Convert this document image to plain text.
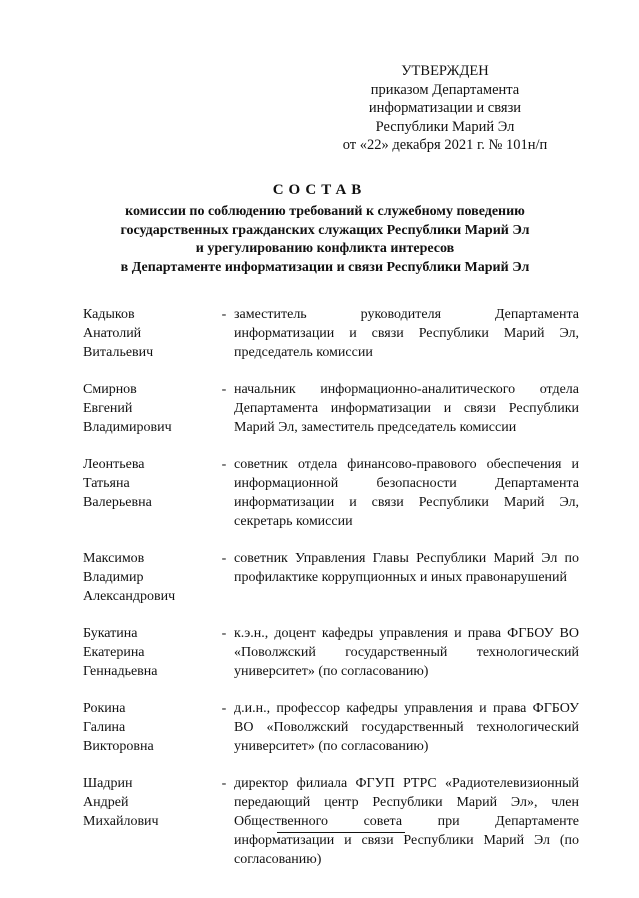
УТВЕРЖДЕН
приказом Департамента
информатизации и связи
Республики Марий Эл
от «22» декабря 2021 г. № 101н/п
СОСТАВ
комиссии по соблюдению требований к служебному поведению
государственных гражданских служащих Республики Марий Эл
и урегулированию конфликта интересов
в Департаменте информатизации и связи Республики Марий Эл
Кадыков
Анатолий
Витальевич
- заместитель руководителя Департамента информатизации и связи Республики Марий Эл, председатель комиссии
Смирнов
Евгений
Владимирович
- начальник информационно-аналитического отдела Департамента информатизации и связи Республики Марий Эл, заместитель председатель комиссии
Леонтьева
Татьяна
Валерьевна
- советник отдела финансово-правового обеспечения и информационной безопасности Департамента информатизации и связи Республики Марий Эл, секретарь комиссии
Максимов
Владимир
Александрович
- советник Управления Главы Республики Марий Эл по профилактике коррупционных и иных правонарушений
Букатина
Екатерина
Геннадьевна
- к.э.н., доцент кафедры управления и права ФГБОУ ВО «Поволжский государственный технологический университет» (по согласованию)
Рокина
Галина
Викторовна
- д.и.н., профессор кафедры управления и права ФГБОУ ВО «Поволжский государственный технологический университет» (по согласованию)
Шадрин
Андрей
Михайлович
- директор филиала ФГУП РТРС «Радиотелевизионный передающий центр Республики Марий Эл», член Общественного совета при Департаменте информатизации и связи Республики Марий Эл (по согласованию)
